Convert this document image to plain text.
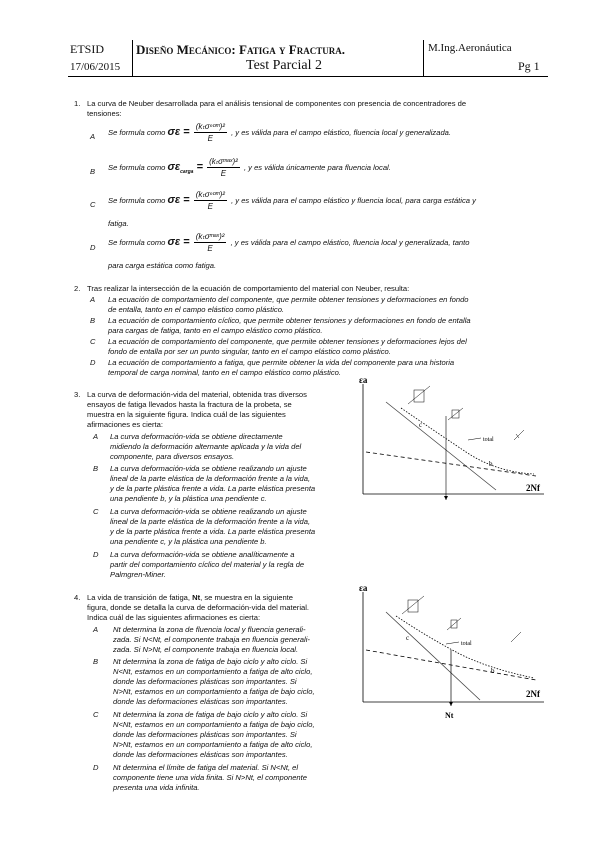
ETSID
17/06/2015
Diseño Mecánico: Fatiga y Fractura.
Test Parcial 2
M.Ing.Aeronáutica
Pg 1
1. La curva de Neuber desarrollada para el análisis tensional de componentes con presencia de concentradores de
tensiones:
A Se formula como $\sigma\varepsilon = \frac{\text{(kₜσⁿᵒᵐ)²}}{E}$ , y es válida para el campo elástico, fluencia local y generalizada.
B Se formula como $\sigma\varepsilon_{carga} = \frac{\text{(kₜσᵐᵃˣ)²}}{E}$ , y es válida únicamente para fluencia local.
C Se formula como $\sigma\varepsilon = \frac{\text{(kₜσⁿᵒᵐ)²}}{E}$ , y es válida para el campo elástico y fluencia local, para carga estática y
fatiga.
D
Se formula como $\sigma\varepsilon = \frac{\text{(kₜσᵐᵃˣ)²}}{E}$ , y es válida para el campo elástico, fluencia local y generalizada, tanto
para carga estática como fatiga.
2. Tras realizar la intersección de la ecuación de comportamiento del material con Neuber, resulta:
A La ecuación de comportamiento del componente, que permite obtener tensiones y deformaciones en fondo
de entalla, tanto en el campo elástico como plástico.
B La ecuación de comportamiento cíclico, que permite obtener tensiones y deformaciones en fondo de entalla
para cargas de fatiga, tanto en el campo elástico como plástico.
C La ecuación de comportamiento del componente, que permite obtener tensiones y deformaciones lejos del
fondo de entalla por ser un punto singular, tanto en el campo elástico como plástico.
D La ecuación de comportamiento a fatiga, que permite obtener la vida del componente para una historia
temporal de carga nominal, tanto en el campo elástico como plástico.
3. La curva de deformación-vida del material, obtenida tras diversos
ensayos de fatiga llevados hasta la fractura de la probeta, se
muestra en la siguiente figura. Indica cuál de las siguientes
afirmaciones es cierta:
A La curva deformación-vida se obtiene directamente
midiendo la deformación alternante aplicada y la vida del
componente, para diversos ensayos.
B La curva deformación-vida se obtiene realizando un ajuste
lineal de la parte elástica de la deformación frente a la vida,
y de la parte plástica frente a vida. La parte elástica presenta
una pendiente b, y la plástica una pendiente c.
C La curva deformación-vida se obtiene realizando un ajuste
lineal de la parte elástica de la deformación frente a la vida,
y de la parte plástica frente a vida. La parte elástica presenta
una pendiente c, y la plástica una pendiente b.
D La curva deformación-vida se obtiene analíticamente a
partir del comportamiento cíclico del material y la regla de
Palmgren-Miner.
εa
2Nf
c
b
total
4. La vida de transición de fatiga, Nt, se muestra en la siguiente
figura, donde se detalla la curva de deformación-vida del material.
Indica cuál de las siguientes afirmaciones es cierta:
A Nt determina la zona de fluencia local y fluencia generali-
zada. Si N<Nt, el componente trabaja en fluencia generali-
zada. Si N>Nt, el componente trabaja en fluencia local.
B Nt determina la zona de fatiga de bajo ciclo y alto ciclo. Si
N<Nt, estamos en un comportamiento a fatiga de alto ciclo,
donde las deformaciones plásticas son importantes. Si
N>Nt, estamos en un comportamiento a fatiga de bajo ciclo,
donde las deformaciones elásticas son importantes.
C Nt determina la zona de fatiga de bajo ciclo y alto ciclo. Si
N<Nt, estamos en un comportamiento a fatiga de bajo ciclo,
donde las deformaciones plásticas son importantes. Si
N>Nt, estamos en un comportamiento a fatiga de alto ciclo,
donde las deformaciones elásticas son importantes.
D Nt determina el límite de fatiga del material. Si N<Nt, el
componente tiene una vida finita. Si N>Nt, el componente
presenta una vida infinita.
εa
2Nf
Nt
c
b
total
